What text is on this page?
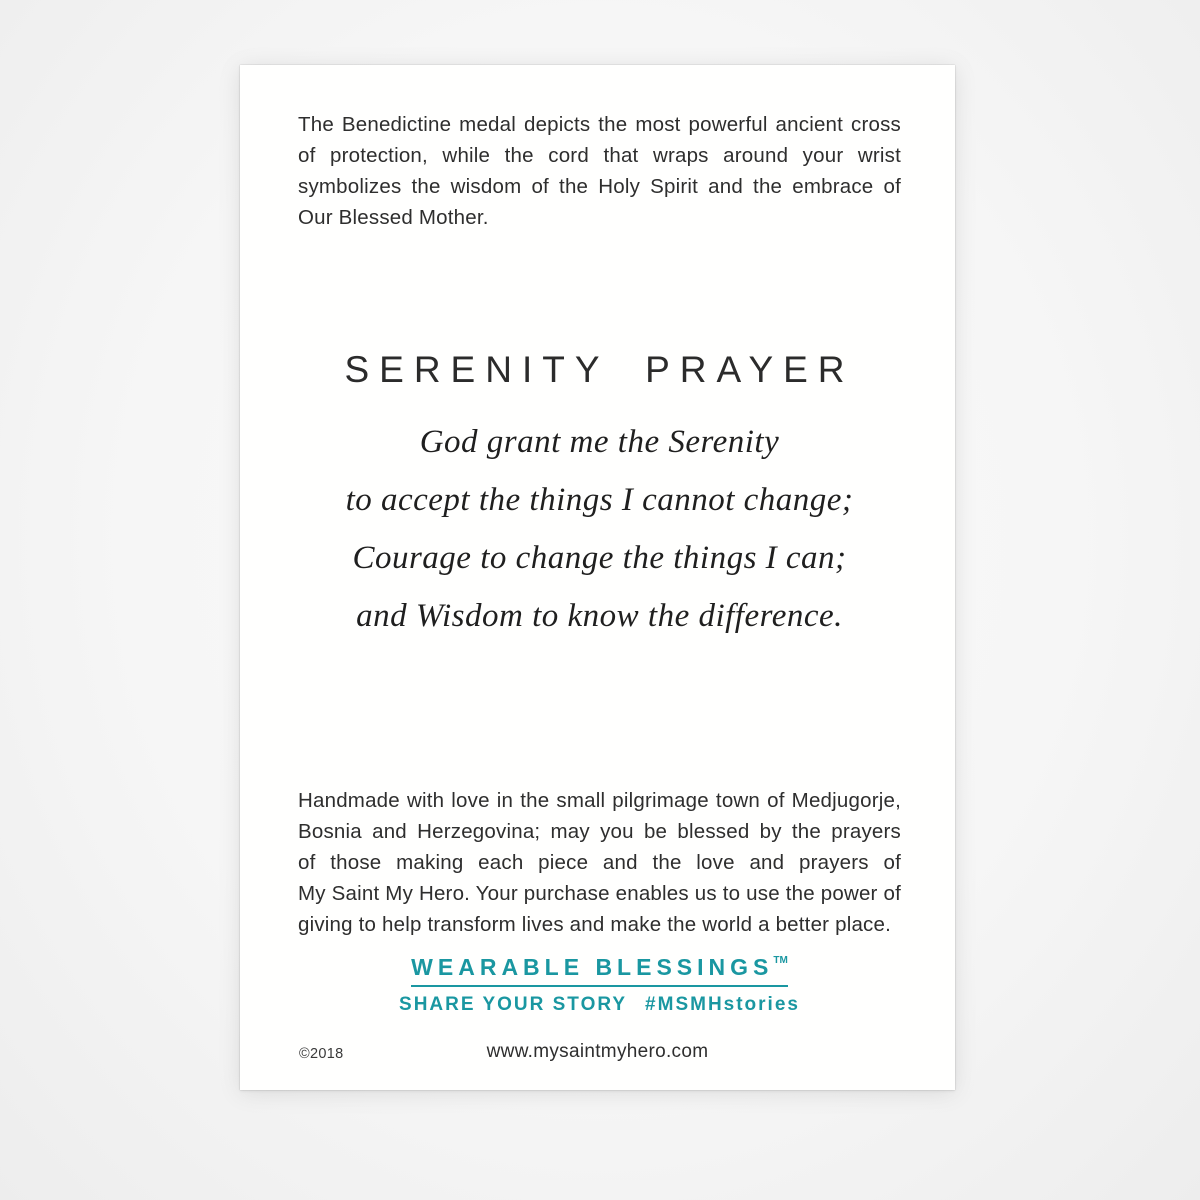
The Benedictine medal depicts the most powerful ancient cross
of protection, while the cord that wraps around your wrist
symbolizes the wisdom of the Holy Spirit and the embrace of
Our Blessed Mother.
SERENITY PRAYER
God grant me the Serenity
to accept the things I cannot change;
Courage to change the things I can;
and Wisdom to know the difference.
Handmade with love in the small pilgrimage town of Medjugorje,
Bosnia and Herzegovina; may you be blessed by the prayers
of those making each piece and the love and prayers of
My Saint My Hero. Your purchase enables us to use the power of
giving to help transform lives and make the world a better place.
WEARABLE BLESSINGS™
SHARE YOUR STORY #MSMHstories
©2018	www.mysaintmyhero.com
